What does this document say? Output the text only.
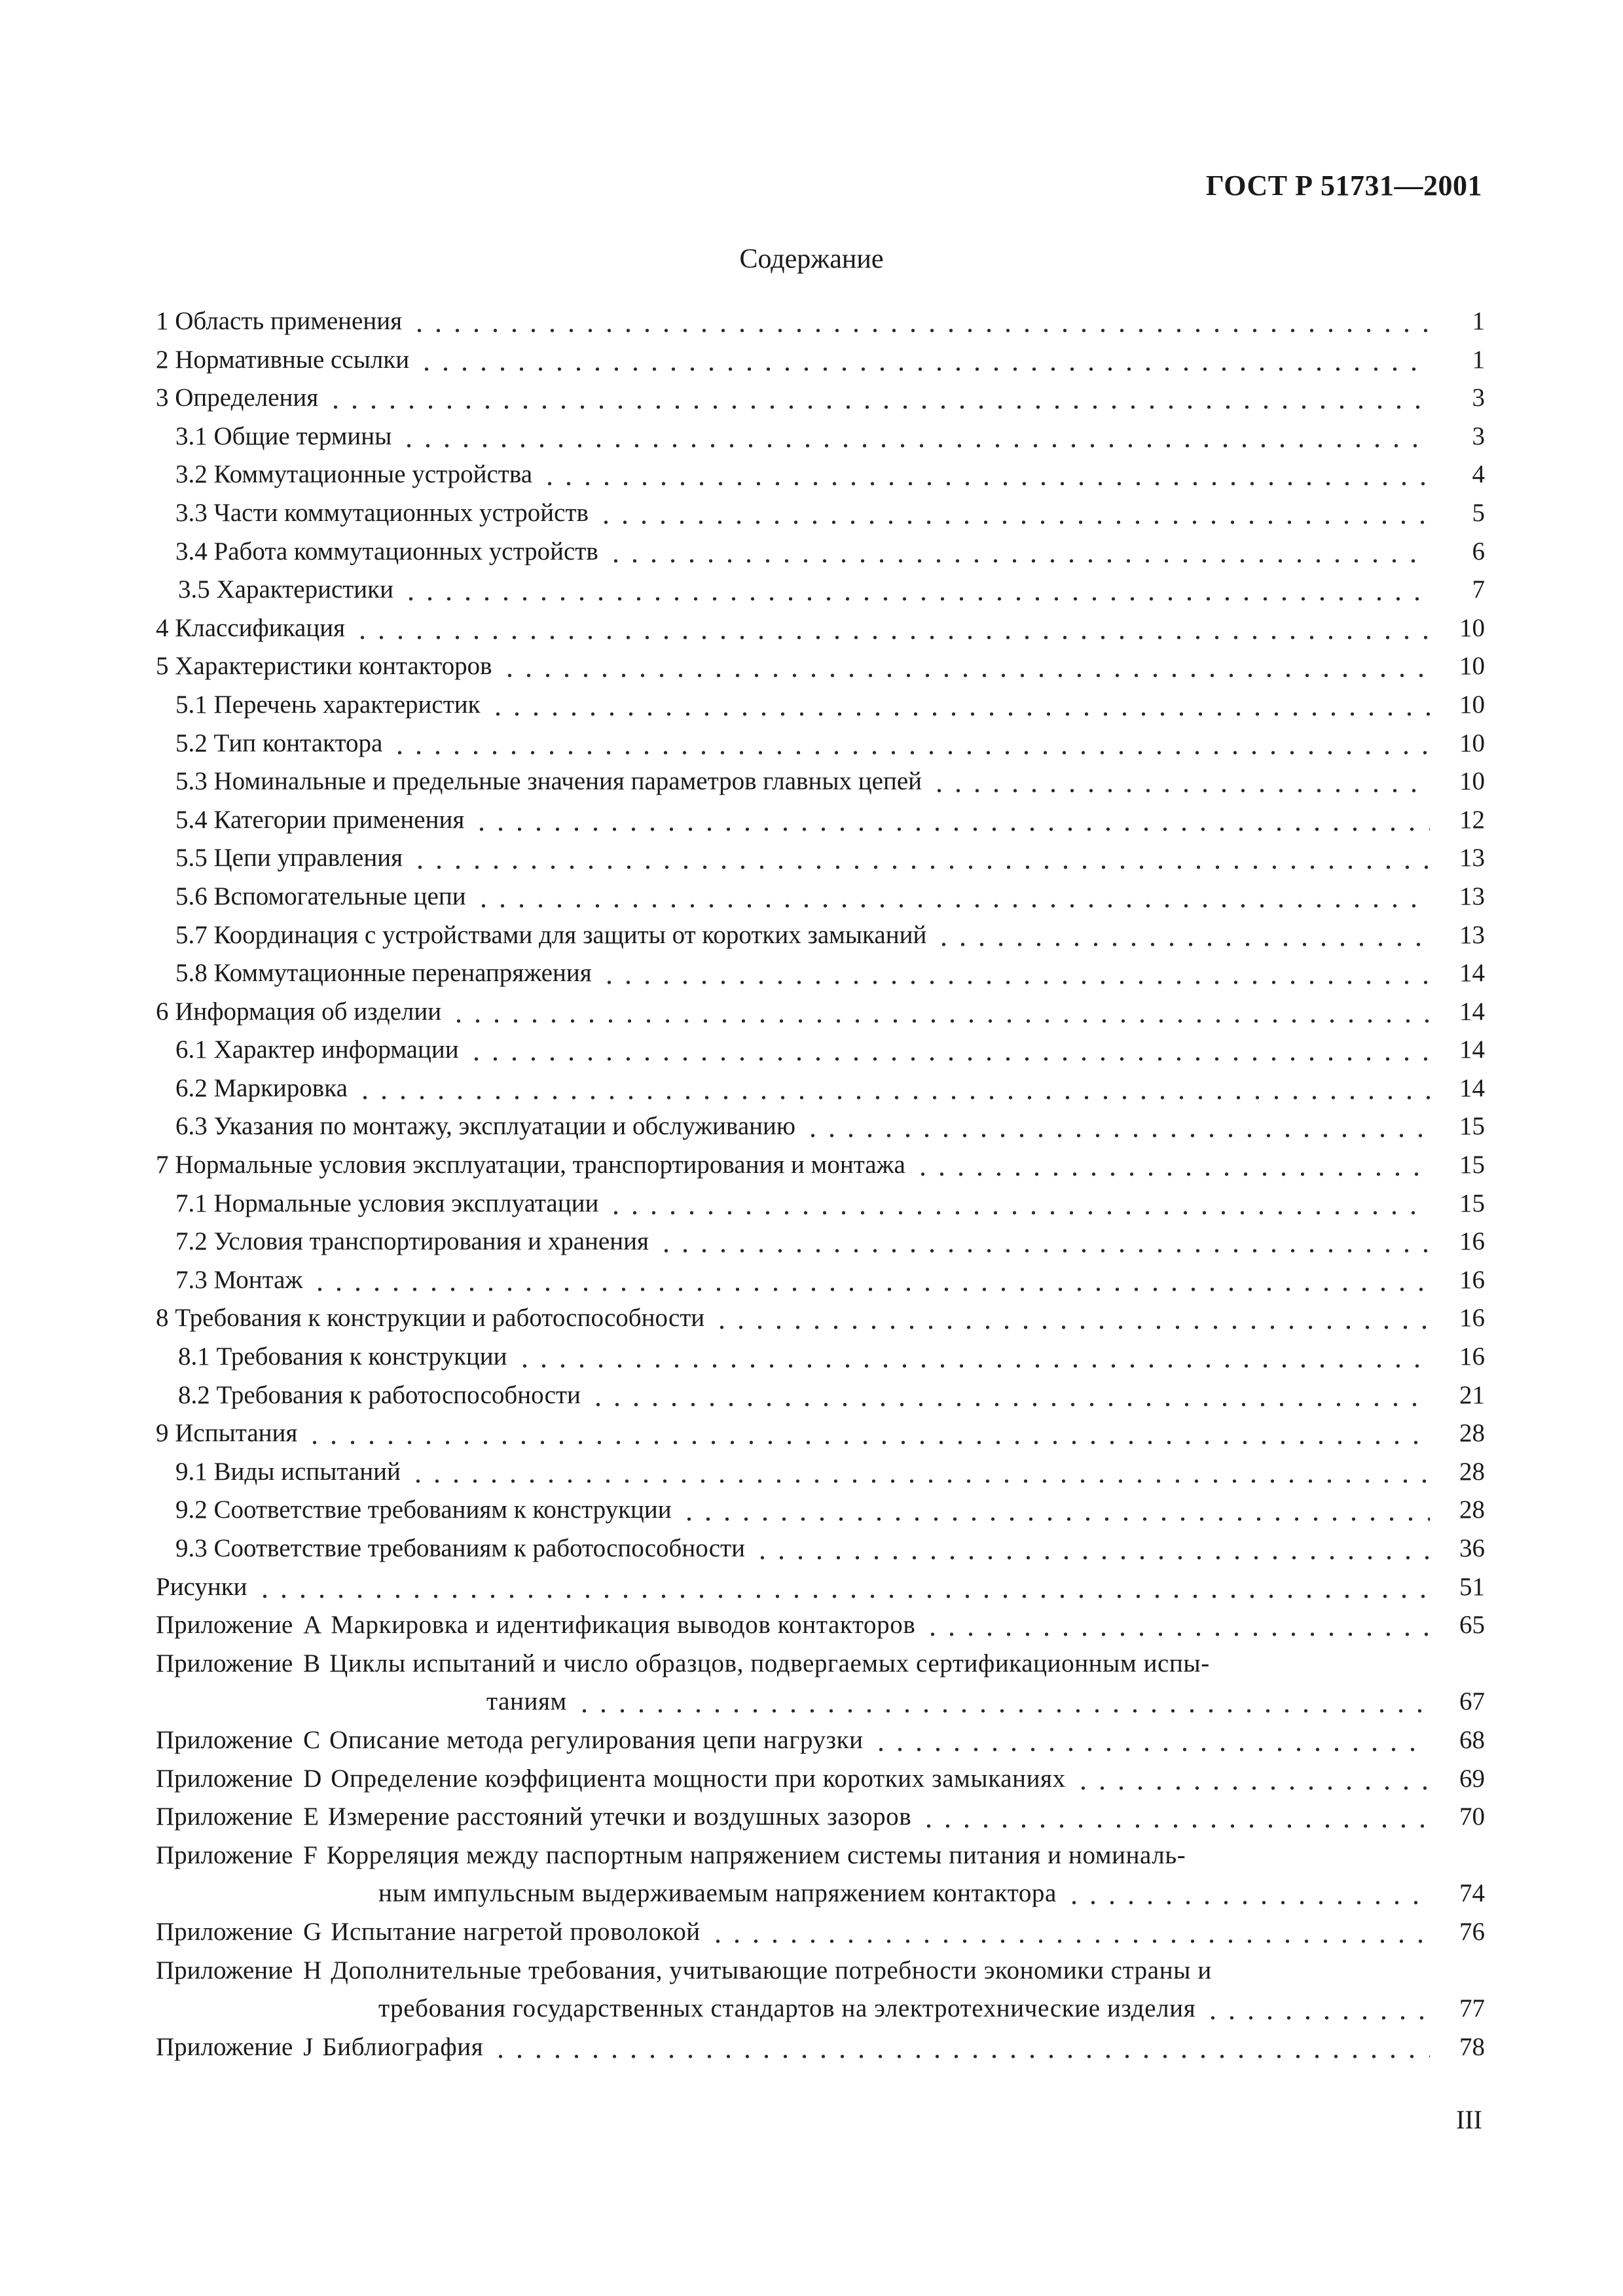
ГОСТ Р 51731—2001
Содержание
1 Область применения	1
2 Нормативные ссылки	1
3 Определения	3
3.1 Общие термины	3
3.2 Коммутационные устройства	4
3.3 Части коммутационных устройств	5
3.4 Работа коммутационных устройств	6
3.5 Характеристики	7
4 Классификация	10
5 Характеристики контакторов	10
5.1 Перечень характеристик	10
5.2 Тип контактора	10
5.3 Номинальные и предельные значения параметров главных цепей	10
5.4 Категории применения	12
5.5 Цепи управления	13
5.6 Вспомогательные цепи	13
5.7 Координация с устройствами для защиты от коротких замыканий	13
5.8 Коммутационные перенапряжения	14
6 Информация об изделии	14
6.1 Характер информации	14
6.2 Маркировка	14
6.3 Указания по монтажу, эксплуатации и обслуживанию	15
7 Нормальные условия эксплуатации, транспортирования и монтажа	15
7.1 Нормальные условия эксплуатации	15
7.2 Условия транспортирования и хранения	16
7.3 Монтаж	16
8 Требования к конструкции и работоспособности	16
8.1 Требования к конструкции	16
8.2 Требования к работоспособности	21
9 Испытания	28
9.1 Виды испытаний	28
9.2 Соответствие требованиям к конструкции	28
9.3 Соответствие требованиям к работоспособности	36
Рисунки	51
Приложение А Маркировка и идентификация выводов контакторов	65
Приложение В Циклы испытаний и число образцов, подвергаемых сертификационным испы-
таниям	67
Приложение С Описание метода регулирования цепи нагрузки	68
Приложение D Определение коэффициента мощности при коротких замыканиях	69
Приложение Е Измерение расстояний утечки и воздушных зазоров	70
Приложение F Корреляция между паспортным напряжением системы питания и номиналь-
ным импульсным выдерживаемым напряжением контактора	74
Приложение G Испытание нагретой проволокой	76
Приложение Н Дополнительные требования, учитывающие потребности экономики страны и
требования государственных стандартов на электротехнические изделия	77
Приложение J Библиография	78
III
